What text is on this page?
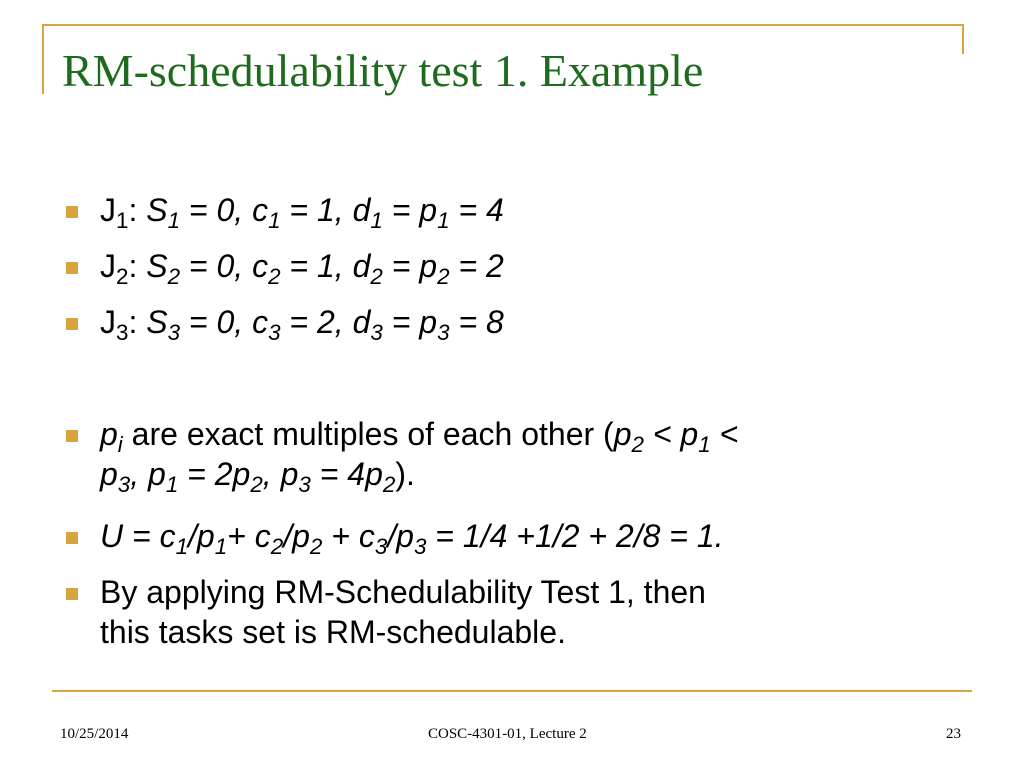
RM-schedulability test 1. Example
$J_1$: $S_1 = 0$, $c_1 = 1$, $d_1 = p_1 = 4$
$J_2$: $S_2 = 0$, $c_2 = 1$, $d_2 = p_2 = 2$
$J_3$: $S_3 = 0$, $c_3 = 2$, $d_3 = p_3 = 8$
$p_i$ are exact multiples of each other ($p_2 < p_1$ <
$p_3$, $p_1 = 2p_2$, $p_3 = 4p_2$).
$U = c_1/p_1+ c_2/p_2 + c_3/p_3 = 1/4 +1/2 + 2/8 = 1$.
By applying RM-Schedulability Test 1, then
this tasks set is RM-schedulable.
10/25/2014	COSC-4301-01, Lecture 2	23
